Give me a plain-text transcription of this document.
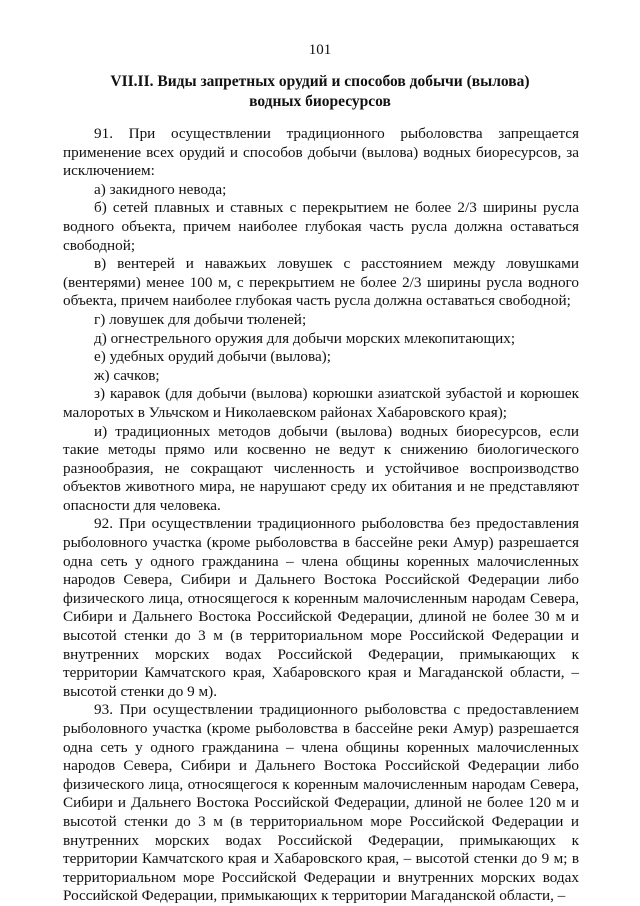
101
VII.II. Виды запретных орудий и способов добычи (вылова)
водных биоресурсов

91. При осуществлении традиционного рыболовства запрещается применение всех орудий и способов добычи (вылова) водных биоресурсов, за исключением:

а) закидного невода;

б) сетей плавных и ставных с перекрытием не более 2/3 ширины русла водного объекта, причем наиболее глубокая часть русла должна оставаться свободной;

в) вентерей и наважьих ловушек с расстоянием между ловушками (вентерями) менее 100 м, с перекрытием не более 2/3 ширины русла водного объекта, причем наиболее глубокая часть русла должна оставаться свободной;

г) ловушек для добычи тюленей;

д) огнестрельного оружия для добычи морских млекопитающих;

е) удебных орудий добычи (вылова);

ж) сачков;

з) каравок (для добычи (вылова) корюшки азиатской зубастой и корюшек малоротых в Ульчском и Николаевском районах Хабаровского края);

и) традиционных методов добычи (вылова) водных биоресурсов, если такие методы прямо или косвенно не ведут к снижению биологического разнообразия, не сокращают численность и устойчивое воспроизводство объектов животного мира, не нарушают среду их обитания и не представляют опасности для человека.

92. При осуществлении традиционного рыболовства без предоставления рыболовного участка (кроме рыболовства в бассейне реки Амур) разрешается одна сеть у одного гражданина – члена общины коренных малочисленных народов Севера, Сибири и Дальнего Востока Российской Федерации либо физического лица, относящегося к коренным малочисленным народам Севера, Сибири и Дальнего Востока Российской Федерации, длиной не более 30 м и высотой стенки до 3 м (в территориальном море Российской Федерации и внутренних морских водах Российской Федерации, примыкающих к территории Камчатского края, Хабаровского края и Магаданской области, – высотой стенки до 9 м).

93. При осуществлении традиционного рыболовства с предоставлением рыболовного участка (кроме рыболовства в бассейне реки Амур) разрешается одна сеть у одного гражданина – члена общины коренных малочисленных народов Севера, Сибири и Дальнего Востока Российской Федерации либо физического лица, относящегося к коренным малочисленным народам Севера, Сибири и Дальнего Востока Российской Федерации, длиной не более 120 м и высотой стенки до 3 м (в территориальном море Российской Федерации и внутренних морских водах Российской Федерации, примыкающих к территории Камчатского края и Хабаровского края, – высотой стенки до 9 м; в территориальном море Российской Федерации и внутренних морских водах Российской Федерации, примыкающих к территории Магаданской области, –
